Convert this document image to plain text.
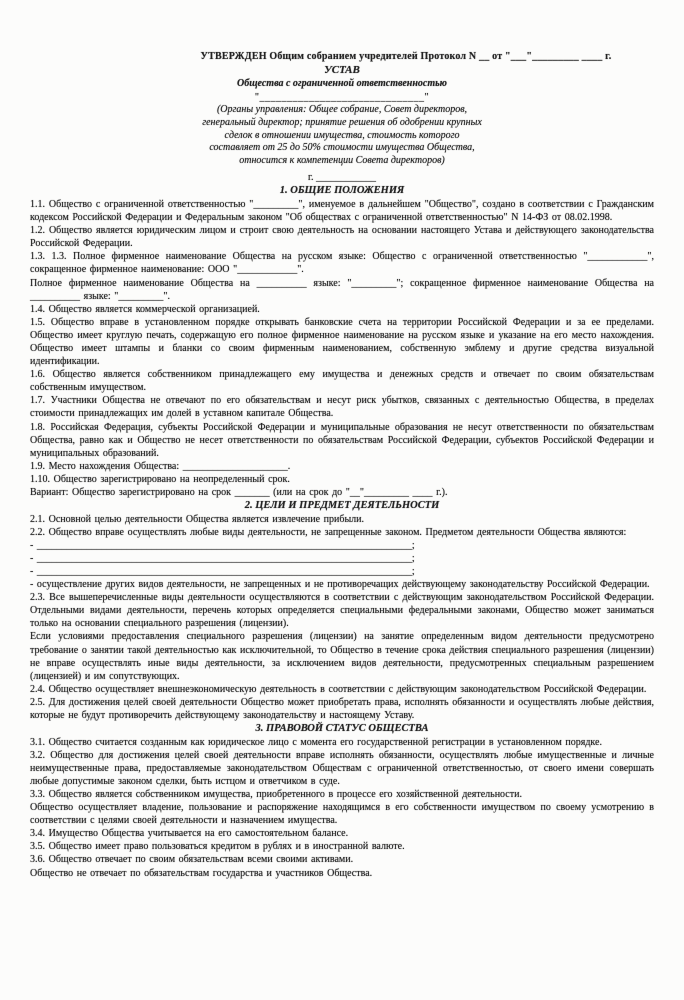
УТВЕРЖДЕН Общим собранием учредителей Протокол N __ от "___"_________ ____ г.
УСТАВ
Общества с ограниченной ответственностью
"______________________________"
(Органы управления: Общее собрание, Совет директоров,
генеральный директор; принятие решения об одобрении крупных
сделок в отношении имущества, стоимость которого
составляет от 25 до 50% стоимости имущества Общества,
относится к компетенции Совета директоров)
г. ____________
1. ОБЩИЕ ПОЛОЖЕНИЯ

1.1. Общество с ограниченной ответственностью "_________", именуемое в дальнейшем "Общество", создано в соответствии с Гражданским кодексом Российской Федерации и Федеральным законом "Об обществах с ограниченной ответственностью" N 14-ФЗ от 08.02.1998.

1.2. Общество является юридическим лицом и строит свою деятельность на основании настоящего Устава и действующего законодательства Российской Федерации.

1.3. 1.3. Полное фирменное наименование Общества на русском языке: Общество с ограниченной ответственностью "____________", сокращенное фирменное наименование: ООО "____________".

Полное фирменное наименование Общества на __________ языке: "_________"; сокращенное фирменное наименование Общества на __________ языке: "_________".

1.4. Общество является коммерческой организацией.

1.5. Общество вправе в установленном порядке открывать банковские счета на территории Российской Федерации и за ее пределами. Общество имеет круглую печать, содержащую его полное фирменное наименование на русском языке и указание на его место нахождения. Общество имеет штампы и бланки со своим фирменным наименованием, собственную эмблему и другие средства визуальной идентификации.

1.6. Общество является собственником принадлежащего ему имущества и денежных средств и отвечает по своим обязательствам собственным имуществом.

1.7. Участники Общества не отвечают по его обязательствам и несут риск убытков, связанных с деятельностью Общества, в пределах стоимости принадлежащих им долей в уставном капитале Общества.

1.8. Российская Федерация, субъекты Российской Федерации и муниципальные образования не несут ответственности по обязательствам Общества, равно как и Общество не несет ответственности по обязательствам Российской Федерации, субъектов Российской Федерации и муниципальных образований.

1.9. Место нахождения Общества: _____________________.

1.10. Общество зарегистрировано на неопределенный срок.

Вариант: Общество зарегистрировано на срок _______ (или на срок до "__"_________ ____ г.).

2. ЦЕЛИ И ПРЕДМЕТ ДЕЯТЕЛЬНОСТИ

2.1. Основной целью деятельности Общества является извлечение прибыли.

2.2. Общество вправе осуществлять любые виды деятельности, не запрещенные законом. Предметом деятельности Общества являются:

- ___________________________________________________________________________;

- ___________________________________________________________________________;

- ___________________________________________________________________________;

- осуществление других видов деятельности, не запрещенных и не противоречащих действующему законодательству Российской Федерации.

2.3. Все вышеперечисленные виды деятельности осуществляются в соответствии с действующим законодательством Российской Федерации. Отдельными видами деятельности, перечень которых определяется специальными федеральными законами, Общество может заниматься только на основании специального разрешения (лицензии).

Если условиями предоставления специального разрешения (лицензии) на занятие определенным видом деятельности предусмотрено требование о занятии такой деятельностью как исключительной, то Общество в течение срока действия специального разрешения (лицензии) не вправе осуществлять иные виды деятельности, за исключением видов деятельности, предусмотренных специальным разрешением (лицензией) и им сопутствующих.

2.4. Общество осуществляет внешнеэкономическую деятельность в соответствии с действующим законодательством Российской Федерации.

2.5. Для достижения целей своей деятельности Общество может приобретать права, исполнять обязанности и осуществлять любые действия, которые не будут противоречить действующему законодательству и настоящему Уставу.

3. ПРАВОВОЙ СТАТУС ОБЩЕСТВА

3.1. Общество считается созданным как юридическое лицо с момента его государственной регистрации в установленном порядке.

3.2. Общество для достижения целей своей деятельности вправе исполнять обязанности, осуществлять любые имущественные и личные неимущественные права, предоставляемые законодательством Обществам с ограниченной ответственностью, от своего имени совершать любые допустимые законом сделки, быть истцом и ответчиком в суде.

3.3. Общество является собственником имущества, приобретенного в процессе его хозяйственной деятельности.

Общество осуществляет владение, пользование и распоряжение находящимся в его собственности имуществом по своему усмотрению в соответствии с целями своей деятельности и назначением имущества.

3.4. Имущество Общества учитывается на его самостоятельном балансе.

3.5. Общество имеет право пользоваться кредитом в рублях и в иностранной валюте.

3.6. Общество отвечает по своим обязательствам всеми своими активами.

Общество не отвечает по обязательствам государства и участников Общества.
